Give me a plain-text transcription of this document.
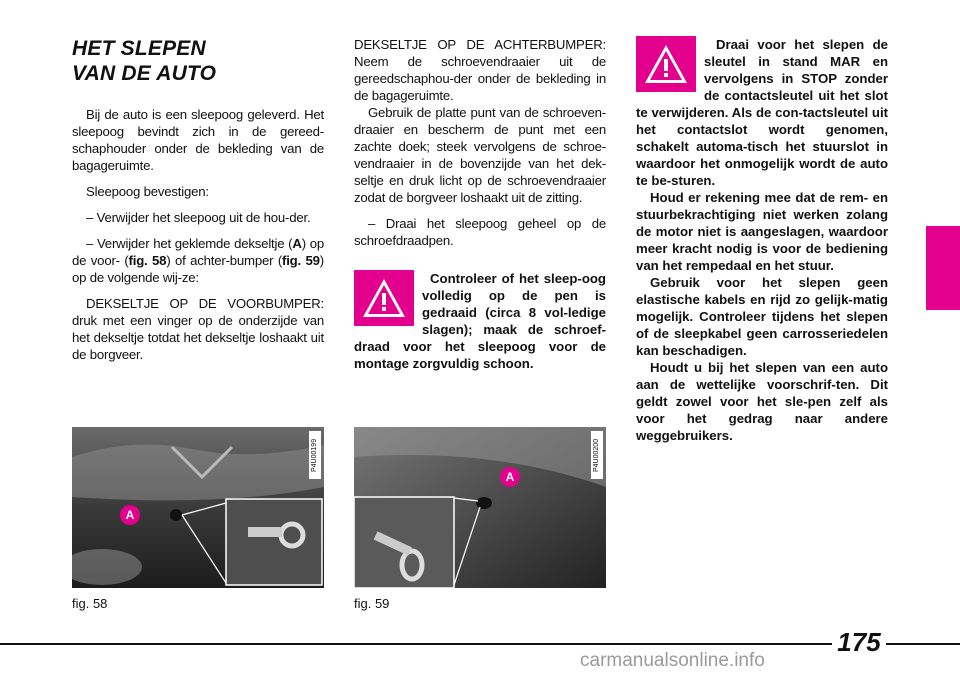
HET SLEPEN
VAN DE AUTO

Bij de auto is een sleepoog geleverd. Het sleepoog bevindt zich in de gereed-schaphouder onder de bekleding van de bagageruimte.

Sleepoog bevestigen:

– Verwijder het sleepoog uit de hou-der.

– Verwijder het geklemde dekseltje (A) op de voor- (fig. 58) of achter-bumper (fig. 59) op de volgende wij-ze:

DEKSELTJE OP DE VOORBUMPER: druk met een vinger op de onderzijde van het dekseltje totdat het dekseltje loshaakt uit de borgveer.

DEKSELTJE OP DE ACHTERBUMPER: Neem de schroevendraaier uit de gereedschaphou-der onder de bekleding in de bagageruimte.

Gebruik de platte punt van de schroeven-draaier en bescherm de punt met een zachte doek; steek vervolgens de schroe-vendraaier in de bovenzijde van het dek-seltje en druk licht op de schroevendraaier zodat de borgveer loshaakt uit de zitting.

– Draai het sleepoog geheel op de schroefdraadpen.

Controleer of het sleep-oog volledig op de pen is gedraaid (circa 8 vol-ledige slagen); maak de schroef-draad voor het sleepoog voor de montage zorgvuldig schoon.

Draai voor het slepen de sleutel in stand MAR en vervolgens in STOP zonder de contactsleutel uit het slot te verwijderen. Als de con-tactsleutel uit het contactslot wordt genomen, schakelt automa-tisch het stuurslot in waardoor het onmogelijk wordt de auto te be-sturen.

Houd er rekening mee dat de rem- en stuurbekrachtiging niet werken zolang de motor niet is aangeslagen, waardoor meer kracht nodig is voor de bediening van het rempedaal en het stuur.

Gebruik voor het slepen geen elastische kabels en rijd zo gelijk-matig mogelijk. Controleer tijdens het slepen of de sleepkabel geen carrosseriedelen kan beschadigen.

Houdt u bij het slepen van een auto aan de wettelijke voorschrif-ten. Dit geldt zowel voor het sle-pen zelf als voor het gedrag naar andere weggebruikers.

A
P4U00199
fig. 58
A
P4U00200
fig. 59
175
carmanualsonline.info
